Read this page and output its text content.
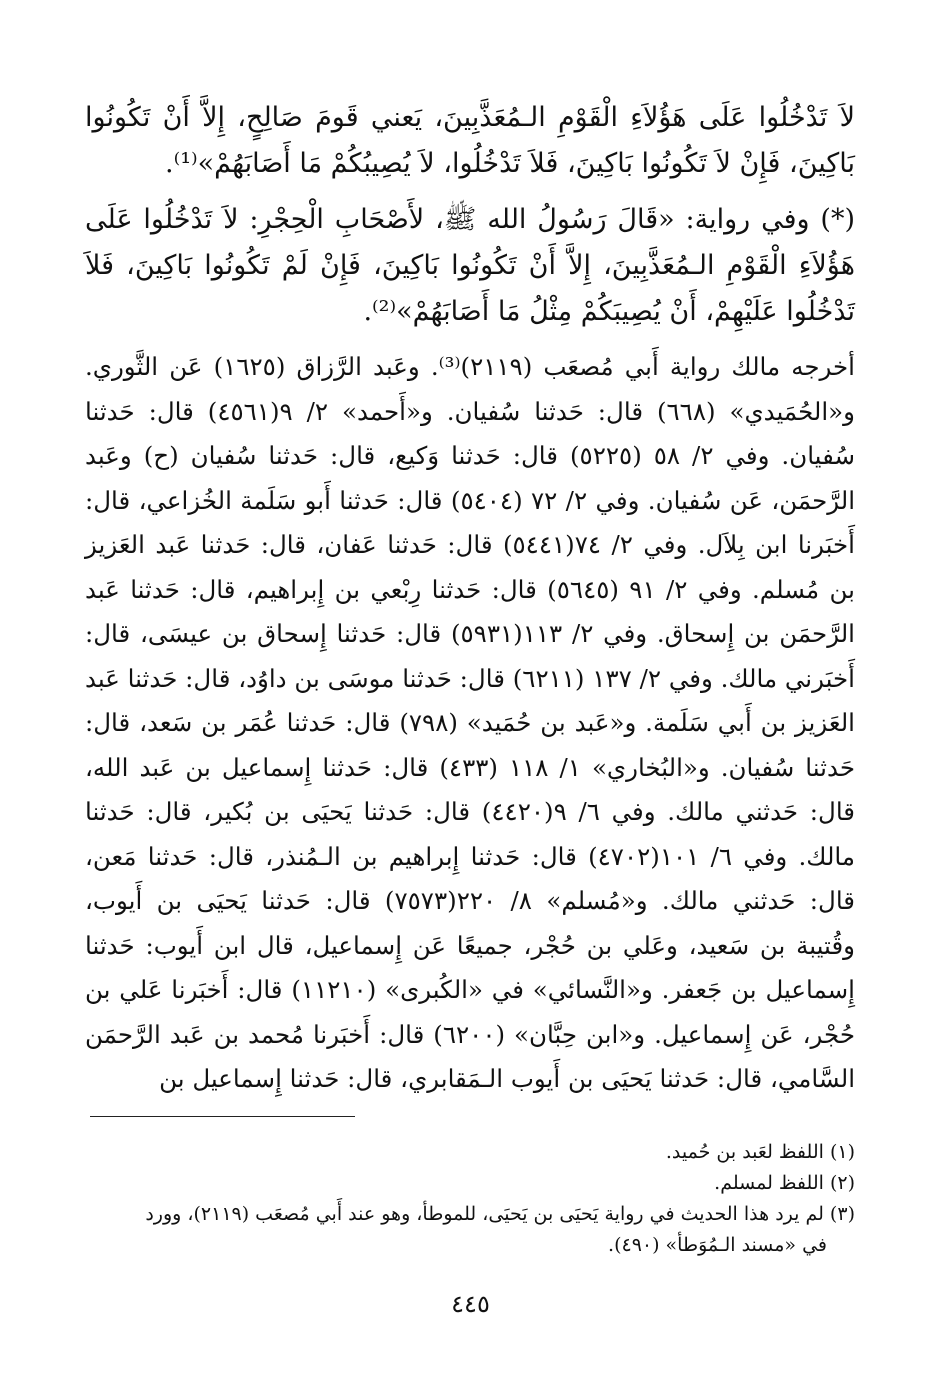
لاَ تَدْخُلُوا عَلَى هَؤُلاَءِ الْقَوْمِ الـمُعَذَّبِينَ، يَعني قَومَ صَالِحٍ، إِلاَّ أَنْ تَكُونُوا بَاكِينَ، فَإِنْ لاَ تَكُونُوا بَاكِينَ، فَلاَ تَدْخُلُوا، لاَ يُصِيبُكُمْ مَا أَصَابَهُمْ»⁽¹⁾.

(*) وفي رواية: «قَالَ رَسُولُ الله ﷺ، لأَصْحَابِ الْحِجْرِ: لاَ تَدْخُلُوا عَلَى هَؤُلاَءِ الْقَوْمِ الـمُعَذَّبِينَ، إِلاَّ أَنْ تَكُونُوا بَاكِينَ، فَإِنْ لَمْ تَكُونُوا بَاكِينَ، فَلاَ تَدْخُلُوا عَلَيْهِمْ، أَنْ يُصِيبَكُمْ مِثْلُ مَا أَصَابَهُمْ»⁽²⁾.

أخرجه مالك رواية أَبي مُصعَب (٢١١٩)⁽³⁾. وعَبد الرَّزاق (١٦٢٥) عَن الثَّوري. و«الحُمَيدي» (٦٦٨) قال: حَدثنا سُفيان. و«أَحمد» ٢/ ٩(٤٥٦١) قال: حَدثنا سُفيان. وفي ٢/ ٥٨ (٥٢٢٥) قال: حَدثنا وَكيع، قال: حَدثنا سُفيان (ح) وعَبد الرَّحمَن، عَن سُفيان. وفي ٢/ ٧٢ (٥٤٠٤) قال: حَدثنا أَبو سَلَمة الخُزاعي، قال: أَخبَرنا ابن بِلاَل. وفي ٢/ ٧٤(٥٤٤١) قال: حَدثنا عَفان، قال: حَدثنا عَبد العَزيز بن مُسلم. وفي ٢/ ٩١ (٥٦٤٥) قال: حَدثنا رِبْعي بن إِبراهيم، قال: حَدثنا عَبد الرَّحمَن بن إِسحاق. وفي ٢/ ١١٣(٥٩٣١) قال: حَدثنا إِسحاق بن عيسَى، قال: أَخبَرني مالك. وفي ٢/ ١٣٧ (٦٢١١) قال: حَدثنا موسَى بن داوُد، قال: حَدثنا عَبد العَزيز بن أَبي سَلَمة. و«عَبد بن حُمَيد» (٧٩٨) قال: حَدثنا عُمَر بن سَعد، قال: حَدثنا سُفيان. و«البُخاري» ١/ ١١٨ (٤٣٣) قال: حَدثنا إِسماعيل بن عَبد الله، قال: حَدثني مالك. وفي ٦/ ٩(٤٤٢٠) قال: حَدثنا يَحيَى بن بُكير، قال: حَدثنا مالك. وفي ٦/ ١٠١(٤٧٠٢) قال: حَدثنا إِبراهيم بن الـمُنذر، قال: حَدثنا مَعن، قال: حَدثني مالك. و«مُسلم» ٨/ ٢٢٠(٧٥٧٣) قال: حَدثنا يَحيَى بن أَيوب، وقُتيبة بن سَعيد، وعَلي بن حُجْر، جميعًا عَن إِسماعيل، قال ابن أَيوب: حَدثنا إِسماعيل بن جَعفر. و«النَّسائي» في «الكُبرى» (١١٢١٠) قال: أَخبَرنا عَلي بن حُجْر، عَن إِسماعيل. و«ابن حِبَّان» (٦٢٠٠) قال: أَخبَرنا مُحمد بن عَبد الرَّحمَن السَّامي، قال: حَدثنا يَحيَى بن أَيوب الـمَقابري، قال: حَدثنا إِسماعيل بن

(١) اللفظ لعَبد بن حُميد.
(٢) اللفظ لمسلم.
(٣) لم يرد هذا الحديث في رواية يَحيَى بن يَحيَى، للموطأ، وهو عند أَبي مُصعَب (٢١١٩)، وورد
في «مسند الـمُوَطأ» (٤٩٠).
٤٤٥
